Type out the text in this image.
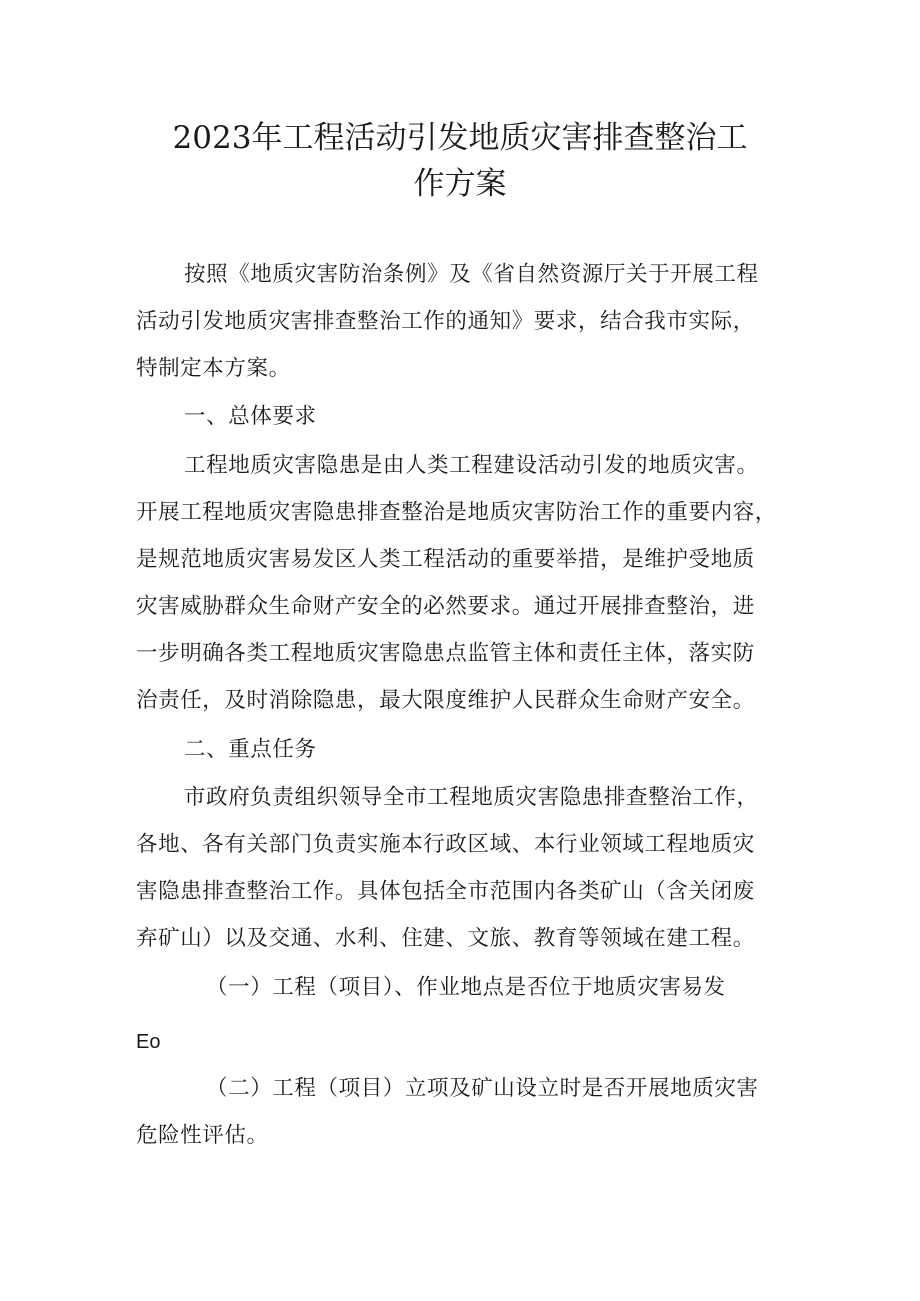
2023年工程活动引发地质灾害排查整治工
作方案
按照《地质灾害防治条例》及《省自然资源厅关于开展工程
活动引发地质灾害排查整治工作的通知》要求，结合我市实际，
特制定本方案。
一、总体要求
工程地质灾害隐患是由人类工程建设活动引发的地质灾害。
开展工程地质灾害隐患排查整治是地质灾害防治工作的重要内容，
是规范地质灾害易发区人类工程活动的重要举措，是维护受地质
灾害威胁群众生命财产安全的必然要求。通过开展排查整治，进
一步明确各类工程地质灾害隐患点监管主体和责任主体，落实防
治责任，及时消除隐患，最大限度维护人民群众生命财产安全。
二、重点任务
市政府负责组织领导全市工程地质灾害隐患排查整治工作，
各地、各有关部门负责实施本行政区域、本行业领域工程地质灾
害隐患排查整治工作。具体包括全市范围内各类矿山（含关闭废
弃矿山）以及交通、水利、住建、文旅、教育等领域在建工程。
（一）工程（项目）、作业地点是否位于地质灾害易发
Eo
（二）工程（项目）立项及矿山设立时是否开展地质灾害
危险性评估。
